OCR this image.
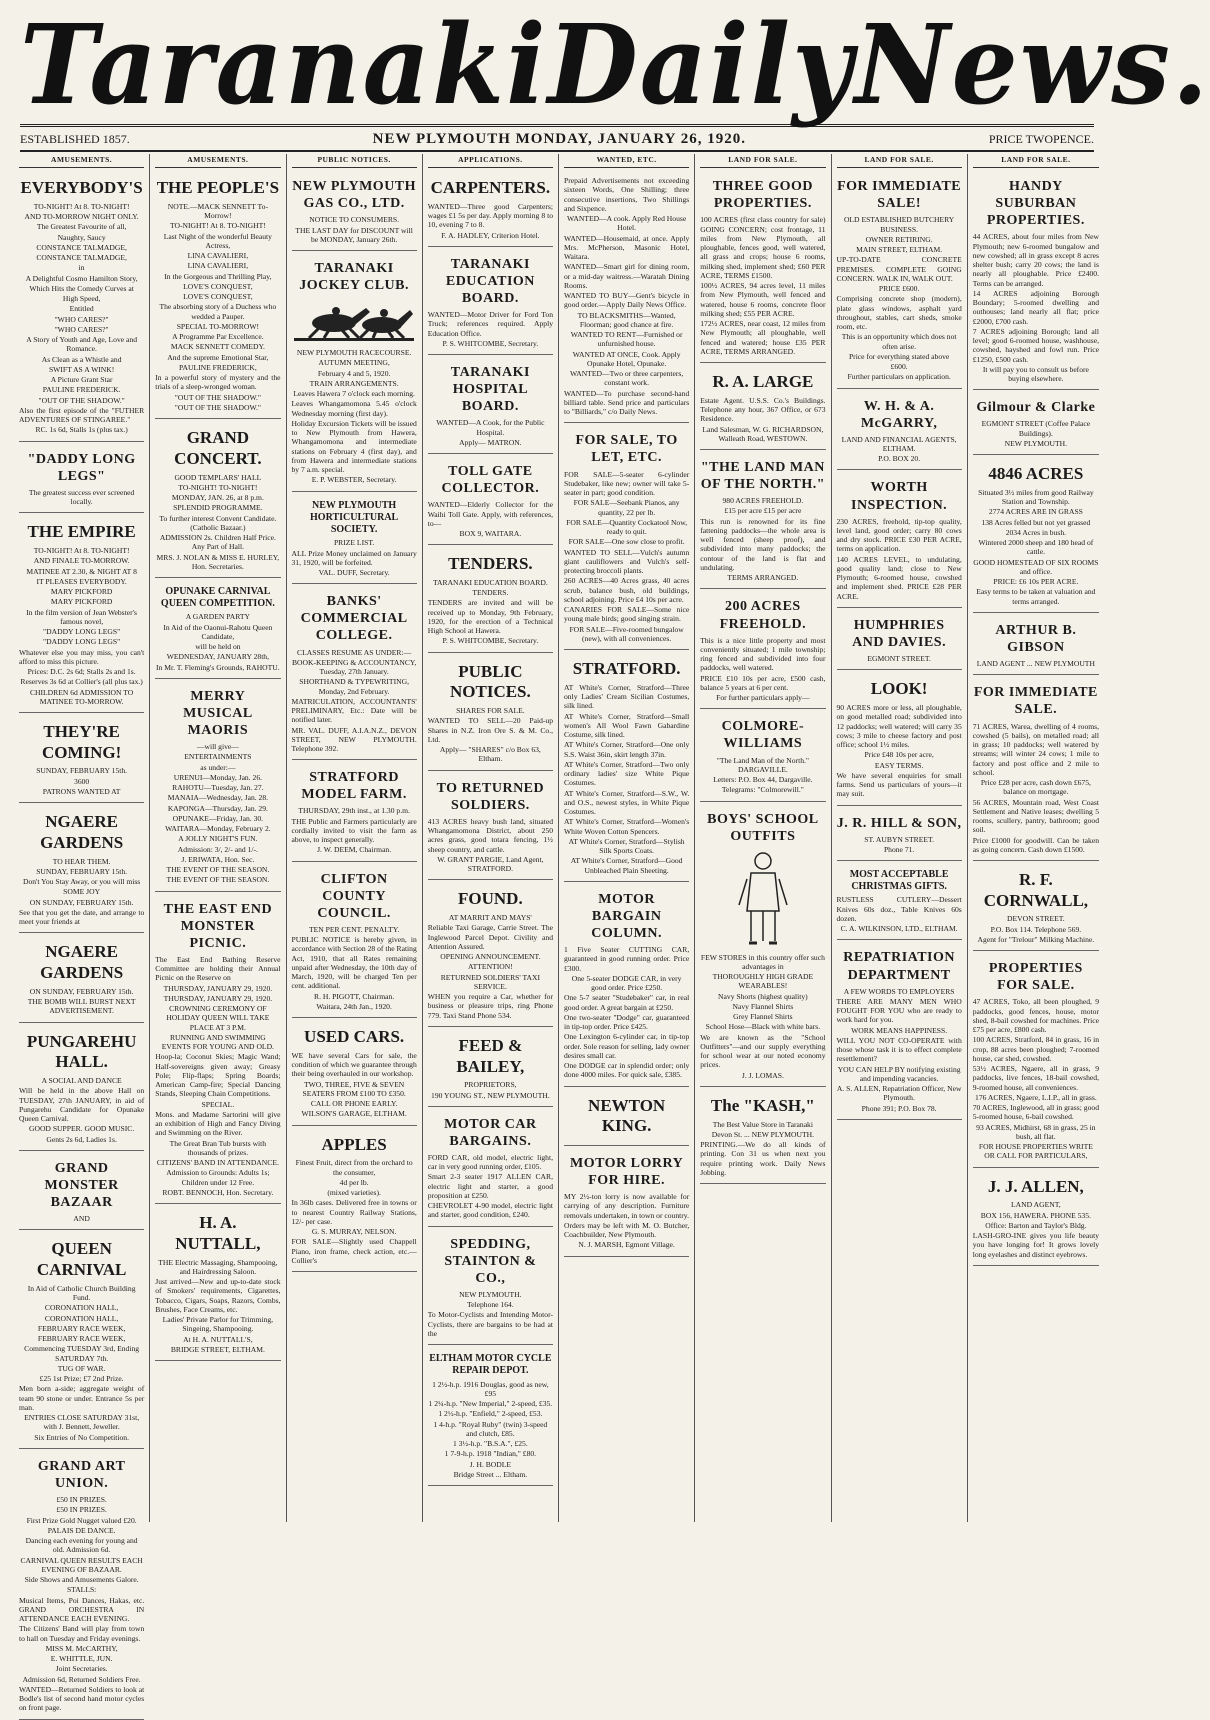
Taranaki Daily News.
ESTABLISHED 1857.	NEW PLYMOUTH MONDAY, JANUARY 26, 1920.	PRICE TWOPENCE.
AMUSEMENTS.
EVERYBODY'S

TO-NIGHT! At 8. TO-NIGHT!

AND TO-MORROW NIGHT ONLY.

The Greatest Favourite of all,

Naughty, Saucy

CONSTANCE TALMADGE,

CONSTANCE TALMADGE,

in

A Delightful Cosmo Hamilton Story,

Which Hits the Comedy Curves at

High Speed,

Entitled

"WHO CARES?"

"WHO CARES?"

A Story of Youth and Age, Love and Romance.

As Clean as a Whistle and

SWIFT AS A WINK!

A Picture Grant Star

PAULINE FREDERICK.

"OUT OF THE SHADOW."

Also the first episode of the "FUTHER ADVENTURES OF STINGAREE."

RC. 1s 6d, Stalls 1s (plus tax.)

"DADDY LONG LEGS"

The greatest success ever screened locally.

THE EMPIRE

TO-NIGHT! At 8. TO-NIGHT!

AND FINALE TO-MORROW.

MATINEE AT 2.30, & NIGHT AT 8

IT PLEASES EVERYBODY.

MARY PICKFORD

MARY PICKFORD

In the film version of Jean Webster's famous novel,

"DADDY LONG LEGS"

"DADDY LONG LEGS"

Whatever else you may miss, you can't afford to miss this picture.

Prices: D.C. 2s 6d; Stalls 2s and 1s.

Reserves 3s 6d at Collier's (all plus tax.)

CHILDREN 6d ADMISSION TO MATINEE TO-MORROW.

THEY'RE COMING!

SUNDAY, FEBRUARY 15th.

3600

PATRONS WANTED AT

NGAERE GARDENS

TO HEAR THEM.

SUNDAY, FEBRUARY 15th.

Don't You Stay Away, or you will miss

SOME JOY

ON SUNDAY, FEBRUARY 15th.

See that you get the date, and arrange to meet your friends at

NGAERE GARDENS

ON SUNDAY, FEBRUARY 15th.

THE BOMB WILL BURST NEXT ADVERTISEMENT.

PUNGAREHU HALL.

A SOCIAL AND DANCE

Will be held in the above Hall on TUESDAY, 27th JANUARY, in aid of Pungarehu Candidate for Opunake Queen Carnival.

GOOD SUPPER. GOOD MUSIC.

Gents 2s 6d, Ladies 1s.

GRAND MONSTER BAZAAR

AND

QUEEN CARNIVAL

In Aid of Catholic Church Building Fund.

CORONATION HALL,

CORONATION HALL,

FEBRUARY RACE WEEK,

FEBRUARY RACE WEEK,

Commencing TUESDAY 3rd, Ending SATURDAY 7th.

TUG OF WAR.

£25 1st Prize; £7 2nd Prize.

Men born a-side; aggregate weight of team 90 stone or under. Entrance 5s per man.

ENTRIES CLOSE SATURDAY 31st, with J. Bennett, Jeweller.

Six Entries of No Competition.

GRAND ART UNION.

£50 IN PRIZES.

£50 IN PRIZES.

First Prize Gold Nugget valued £20.

PALAIS DE DANCE.

Dancing each evening for young and old. Admission 6d.

CARNIVAL QUEEN RESULTS EACH EVENING OF BAZAAR.

Side Shows and Amusements Galore.

STALLS:

Musical Items, Poi Dances, Hakas, etc. GRAND ORCHESTRA IN ATTENDANCE EACH EVENING.

The Citizens' Band will play from town to hall on Tuesday and Friday evenings.

MISS M. McCARTHY,

E. WHITTLE, JUN.

Joint Secretaries.

Admission 6d, Returned Soldiers Free.

WANTED—Returned Soldiers to look at Bodle's list of second hand motor cycles on front page.

AMUSEMENTS.
THE PEOPLE'S

NOTE.—MACK SENNETT To-Morrow!

TO-NIGHT! At 8. TO-NIGHT!

Last Night of the wonderful Beauty Actress,

LINA CAVALIERI,

LINA CAVALIERI,

In the Gorgeous and Thrilling Play,

LOVE'S CONQUEST,

LOVE'S CONQUEST,

The absorbing story of a Duchess who wedded a Pauper.

SPECIAL TO-MORROW!

A Programme Par Excellence.

MACK SENNETT COMEDY.

And the supreme Emotional Star,

PAULINE FREDERICK,

In a powerful story of mystery and the trials of a sleep-wronged woman.

"OUT OF THE SHADOW."

"OUT OF THE SHADOW."

GRAND CONCERT.

GOOD TEMPLARS' HALL

TO-NIGHT! TO-NIGHT!

MONDAY, JAN. 26, at 8 p.m.

SPLENDID PROGRAMME.

To further interest Convent Candidate. (Catholic Bazaar.)

ADMISSION 2s. Children Half Price. Any Part of Hall.

MRS. J. NOLAN & MISS E. HURLEY, Hon. Secretaries.

OPUNAKE CARNIVAL QUEEN COMPETITION.

A GARDEN PARTY

In Aid of the Oaonui-Rahotu Queen Candidate,

will be held on

WEDNESDAY, JANUARY 28th,

In Mr. T. Fleming's Grounds, RAHOTU.

MERRY MUSICAL MAORIS

—will give—

ENTERTAINMENTS

as under:—

URENUI—Monday, Jan. 26.

RAHOTU—Tuesday, Jan. 27.

MANAIA—Wednesday, Jan. 28.

KAPONGA—Thursday, Jan. 29.

OPUNAKE—Friday, Jan. 30.

WAITARA—Monday, February 2.

A JOLLY NIGHT'S FUN.

Admission: 3/, 2/- and 1/-.

J. ERIWATA, Hon. Sec.

THE EVENT OF THE SEASON.

THE EVENT OF THE SEASON.

THE EAST END MONSTER PICNIC.

The East End Bathing Reserve Committee are holding their Annual Picnic on the Reserve on

THURSDAY, JANUARY 29, 1920.

THURSDAY, JANUARY 29, 1920.

CROWNING CEREMONY OF HOLIDAY QUEEN WILL TAKE PLACE AT 3 P.M.

RUNNING AND SWIMMING EVENTS FOR YOUNG AND OLD.

Hoop-la; Coconut Skies; Magic Wand; Half-sovereigns given away; Greasy Pole; Flip-flaps; Spring Boards; American Camp-fire; Special Dancing Stands, Sleeping Chain Competitions.

SPECIAL.

Mons. and Madame Sartorini will give an exhibition of High and Fancy Diving and Swimming on the River.

The Great Bran Tub bursts with thousands of prizes.

CITIZENS' BAND IN ATTENDANCE.

Admission to Grounds: Adults 1s; Children under 12 Free.

ROBT. BENNOCH, Hon. Secretary.

H. A. NUTTALL,

THE Electric Massaging, Shampooing, and Hairdressing Saloon.

Just arrived—New and up-to-date stock of Smokers' requirements, Cigarettes, Tobacco, Cigars, Soaps, Razors, Combs, Brushes, Face Creams, etc.

Ladies' Private Parlor for Trimming, Singeing, Shampooing.

At H. A. NUTTALL'S,

BRIDGE STREET, ELTHAM.

PUBLIC NOTICES.
NEW PLYMOUTH GAS CO., LTD.

NOTICE TO CONSUMERS.

THE LAST DAY for DISCOUNT will be MONDAY, January 26th.

TARANAKI JOCKEY CLUB.

NEW PLYMOUTH RACECOURSE.

AUTUMN MEETING,

February 4 and 5, 1920.

TRAIN ARRANGEMENTS.

Leaves Hawera 7 o'clock each morning.

Leaves Whangamomona 5.45 o'clock Wednesday morning (first day).

Holiday Excursion Tickets will be issued to New Plymouth from Hawera, Whangamomona and intermediate stations on February 4 (first day), and from Hawera and intermediate stations by 7 a.m. special.

E. P. WEBSTER, Secretary.

NEW PLYMOUTH HORTICULTURAL SOCIETY.

PRIZE LIST.

ALL Prize Money unclaimed on January 31, 1920, will be forfeited.

VAL. DUFF, Secretary.

BANKS' COMMERCIAL COLLEGE.

CLASSES RESUME AS UNDER:—

BOOK-KEEPING & ACCOUNTANCY, Tuesday, 27th January.

SHORTHAND & TYPEWRITING, Monday, 2nd February.

MATRICULATION, ACCOUNTANTS' PRELIMINARY, Etc.: Date will be notified later.

MR. VAL. DUFF, A.I.A.N.Z., DEVON STREET, NEW PLYMOUTH. Telephone 392.

STRATFORD MODEL FARM.

THURSDAY, 29th inst., at 1.30 p.m.

THE Public and Farmers particularly are cordially invited to visit the farm as above, to inspect generally.

J. W. DEEM, Chairman.

CLIFTON COUNTY COUNCIL.

TEN PER CENT. PENALTY.

PUBLIC NOTICE is hereby given, in accordance with Section 28 of the Rating Act, 1910, that all Rates remaining unpaid after Wednesday, the 10th day of March, 1920, will be charged Ten per cent. additional.

R. H. PIGOTT, Chairman.

Waitara, 24th Jan., 1920.

USED CARS.

WE have several Cars for sale, the condition of which we guarantee through their being overhauled in our workshop.

TWO, THREE, FIVE & SEVEN SEATERS FROM £100 TO £350.

CALL OR PHONE EARLY.

WILSON'S GARAGE, ELTHAM.

APPLES

Finest Fruit, direct from the orchard to the consumer,

4d per lb.

(mixed varieties).

In 36lb cases. Delivered free in towns or to nearest Country Railway Stations, 12/- per case.

G. S. MURRAY, NELSON.

FOR SALE—Slightly used Chappell Piano, iron frame, check action, etc.—Collier's

APPLICATIONS.
CARPENTERS.

WANTED—Three good Carpenters; wages £1 5s per day. Apply morning 8 to 10, evening 7 to 8.

F. A. HADLEY, Criterion Hotel.

TARANAKI EDUCATION BOARD.

WANTED—Motor Driver for Ford Ton Truck; references required. Apply Education Office.

P. S. WHITCOMBE, Secretary.

TARANAKI HOSPITAL BOARD.

WANTED—A Cook, for the Public Hospital.

Apply— MATRON.

TOLL GATE COLLECTOR.

WANTED—Elderly Collector for the Waihi Toll Gate. Apply, with references, to—

BOX 9, WAITARA.

TENDERS.

TARANAKI EDUCATION BOARD.

TENDERS.

TENDERS are invited and will be received up to Monday, 9th February, 1920, for the erection of a Technical High School at Hawera.

P. S. WHITCOMBE, Secretary.

PUBLIC NOTICES.

SHARES FOR SALE.

WANTED TO SELL—20 Paid-up Shares in N.Z. Iron Ore S. & M. Co., Ltd.

Apply— "SHARES" c/o Box 63, Eltham.

TO RETURNED SOLDIERS.

413 ACRES heavy bush land, situated Whangamomona District, about 250 acres grass, good totara fencing, 1½ sheep country, and cattle.

W. GRANT PARGIE, Land Agent, STRATFORD.

FOUND.

AT MARRIT AND MAYS'

Reliable Taxi Garage, Carrie Street. The Inglewood Parcel Depot. Civility and Attention Assured.

OPENING ANNOUNCEMENT.

ATTENTION!

RETURNED SOLDIERS' TAXI SERVICE.

WHEN you require a Car, whether for business or pleasure trips, ring Phone 779. Taxi Stand Phone 534.

FEED & BAILEY,

PROPRIETORS,

190 YOUNG ST., NEW PLYMOUTH.

MOTOR CAR BARGAINS.

FORD CAR, old model, electric light, car in very good running order, £105.

Smart 2-3 seater 1917 ALLEN CAR, electric light and starter, a good proposition at £250.

CHEVROLET 4-90 model, electric light and starter, good condition, £240.

SPEDDING, STAINTON & CO.,

NEW PLYMOUTH.

Telephone 164.

To Motor-Cyclists and Intending Motor-Cyclists, there are bargains to be had at the

ELTHAM MOTOR CYCLE REPAIR DEPOT.

1 2½-h.p. 1916 Douglas, good as new, £95

1 2¼-h.p. "New Imperial," 2-speed, £35.

1 2½-h.p. "Enfield," 2-speed, £53.

1 4-h.p. "Royal Ruby" (twin) 3-speed and clutch, £85.

1 3½-h.p. "B.S.A.", £25.

1 7-9-h.p. 1918 "Indian," £80.

J. H. BODLE

Bridge Street ... Eltham.

WANTED, ETC.

Prepaid Advertisements not exceeding sixteen Words, One Shilling; three consecutive insertions, Two Shillings and Sixpence.

WANTED—A cook. Apply Red House Hotel.

WANTED—Housemaid, at once. Apply Mrs. McPherson, Masonic Hotel, Waitara.

WANTED—Smart girl for dining room, or a mid-day waitress.—Waratah Dining Rooms.

WANTED TO BUY—Gent's bicycle in good order.—Apply Daily News Office.

TO BLACKSMITHS—Wanted, Floorman; good chance at fire.

WANTED TO RENT—Furnished or unfurnished house.

WANTED AT ONCE, Cook. Apply Opunake Hotel, Opunake.

WANTED—Two or three carpenters, constant work.

WANTED—To purchase second-hand billiard table. Send price and particulars to "Billiards," c/o Daily News.

FOR SALE, TO LET, ETC.

FOR SALE—5-seater 6-cylinder Studebaker, like new; owner will take 5-seater in part; good condition.

FOR SALE—Seebank Pianos, any quantity, 22 per lb.

FOR SALE—Quantity Cockatool Now, ready to quit.

FOR SALE—One sow close to profit.

WANTED TO SELL—Vulch's autumn giant cauliflowers and Vulch's self-protecting broccoli plants.

260 ACRES—40 Acres grass, 40 acres scrub, balance bush, old buildings, school adjoining. Price £4 10s per acre.

CANARIES FOR SALE—Some nice young male birds; good singing strain.

FOR SALE—Five-roomed bungalow (new), with all conveniences.

STRATFORD.

AT White's Corner, Stratford—Three only Ladies' Cream Sicilian Costumes, silk lined.

AT White's Corner, Stratford—Small women's All Wool Fawn Gabardine Costume, silk lined.

AT White's Corner, Stratford—One only S.S. Waist 36in, skirt length 37in.

AT White's Corner, Stratford—Two only ordinary ladies' size White Pique Costumes.

AT White's Corner, Stratford—S.W., W. and O.S., newest styles, in White Pique Costumes.

AT White's Corner, Stratford—Women's White Woven Cotton Spencers.

AT White's Corner, Stratford—Stylish Silk Sports Coats.

AT White's Corner, Stratford—Good Unbleached Plain Sheeting.

MOTOR BARGAIN COLUMN.

1 Five Seater CUTTING CAR, guaranteed in good running order. Price £300.

One 5-seater DODGE CAR, in very good order. Price £250.

One 5-7 seater "Studebaker" car, in real good order. A great bargain at £250.

One two-seater "Dodge" car, guaranteed in tip-top order. Price £425.

One Lexington 6-cylinder car, in tip-top order. Sole reason for selling, lady owner desires small car.

One DODGE car in splendid order; only done 4000 miles. For quick sale, £385.

NEWTON KING.
MOTOR LORRY FOR HIRE.

MY 2½-ton lorry is now available for carrying of any description. Furniture removals undertaken, in town or country.

Orders may be left with M. O. Butcher, Coachbuilder, New Plymouth.

N. J. MARSH, Egmont Village.

LAND FOR SALE.
THREE GOOD PROPERTIES.

100 ACRES (first class country for sale) GOING CONCERN; cost frontage, 11 miles from New Plymouth, all ploughable, fences good, well watered, all grass and crops; house 6 rooms, milking shed, implement shed; £60 PER ACRE, TERMS £1500.

100½ ACRES, 94 acres level, 11 miles from New Plymouth, well fenced and watered, house 6 rooms, concrete floor milking shed; £55 PER ACRE.

172½ ACRES, near coast, 12 miles from New Plymouth; all ploughable, well fenced and watered; house £35 PER ACRE, TERMS ARRANGED.

R. A. LARGE

Estate Agent. U.S.S. Co.'s Buildings. Telephone any hour, 367 Office, or 673 Residence.

Land Salesman, W. G. RICHARDSON, Walleath Road, WESTOWN.

"THE LAND MAN OF THE NORTH."

980 ACRES FREEHOLD.

£15 per acre £15 per acre

This run is renowned for its fine fattening paddocks—the whole area is well fenced (sheep proof), and subdivided into many paddocks; the contour of the land is flat and undulating.

TERMS ARRANGED.

200 ACRES FREEHOLD.

This is a nice little property and most conveniently situated; 1 mile township; ring fenced and subdivided into four paddocks, well watered.

PRICE £10 10s per acre, £500 cash, balance 5 years at 6 per cent.

For further particulars apply—

COLMORE-WILLIAMS

"The Land Man of the North." DARGAVILLE.

Letters: P.O. Box 44, Dargaville.

Telegrams: "Colmorewill."

BOYS' SCHOOL OUTFITS

FEW STORES in this country offer such advantages in

THOROUGHLY HIGH GRADE WEARABLES!

Navy Shorts (highest quality)

Navy Flannel Shirts

Grey Flannel Shirts

School Hose—Black with white bars.

We are known as the "School Outfitters"—and our supply everything for school wear at our noted economy prices.

J. J. LOMAS.

The "KASH,"

The Best Value Store in Taranaki

Devon St. ... NEW PLYMOUTH.

PRINTING.—We do all kinds of printing. Con 31 us when next you require printing work. Daily News Jobbing.

LAND FOR SALE.
FOR IMMEDIATE SALE!

OLD ESTABLISHED BUTCHERY BUSINESS.

OWNER RETIRING.

MAIN STREET, ELTHAM.

UP-TO-DATE CONCRETE PREMISES. COMPLETE GOING CONCERN. WALK IN, WALK OUT.

PRICE £600.

Comprising concrete shop (modern), plate glass windows, asphalt yard throughout, stables, cart sheds, smoke room, etc.

This is an opportunity which does not often arise.

Price for everything stated above

£600.

Further particulars on application.

W. H. & A. McGARRY,

LAND AND FINANCIAL AGENTS, ELTHAM.

P.O. BOX 20.

WORTH INSPECTION.

230 ACRES, freehold, tip-top quality, level land, good order; carry 80 cows and dry stock. PRICE £30 PER ACRE, terms on application.

140 ACRES LEVEL, to undulating, good quality land; close to New Plymouth; 6-roomed house, cowshed and implement shed. PRICE £28 PER ACRE.

HUMPHRIES AND DAVIES.

EGMONT STREET.

LOOK!

90 ACRES more or less, all ploughable, on good metalled road; subdivided into 12 paddocks; well watered; will carry 35 cows; 3 mile to cheese factory and post office; school 1½ miles.

Price £48 10s per acre,

EASY TERMS.

We have several enquiries for small farms. Send us particulars of yours—it may suit.

J. R. HILL & SON,

ST. AUBYN STREET.

Phone 71.

MOST ACCEPTABLE CHRISTMAS GIFTS.

RUSTLESS CUTLERY—Dessert Knives 60s doz., Table Knives 60s dozen.

C. A. WILKINSON, LTD., ELTHAM.

REPATRIATION DEPARTMENT

A FEW WORDS TO EMPLOYERS

THERE ARE MANY MEN WHO FOUGHT FOR YOU who are ready to work hard for you.

WORK MEANS HAPPINESS.

WILL YOU NOT CO-OPERATE with those whose task it is to effect complete resettlement?

YOU CAN HELP BY notifying existing and impending vacancies.

A. S. ALLEN, Repatriation Officer, New Plymouth.

Phone 391; P.O. Box 78.

LAND FOR SALE.
HANDY SUBURBAN PROPERTIES.

44 ACRES, about four miles from New Plymouth; new 6-roomed bungalow and new cowshed; all in grass except 8 acres shelter bush; carry 20 cows; the land is nearly all ploughable. Price £2400. Terms can be arranged.

14 ACRES adjoining Borough Boundary; 5-roomed dwelling and outhouses; land nearly all flat; price £2000, £700 cash.

7 ACRES adjoining Borough; land all level; good 6-roomed house, washhouse, cowshed, hayshed and fowl run. Price £1250, £500 cash.

It will pay you to consult us before buying elsewhere.

Gilmour & Clarke

EGMONT STREET (Coffee Palace Buildings).

NEW PLYMOUTH.

4846 ACRES

Situated 3½ miles from good Railway Station and Township.

2774 ACRES ARE IN GRASS

138 Acres felled but not yet grassed

2034 Acres in bush.

Wintered 2000 sheep and 180 head of cattle.

GOOD HOMESTEAD OF SIX ROOMS and office.

PRICE: £6 10s PER ACRE.

Easy terms to be taken at valuation and terms arranged.

ARTHUR B. GIBSON

LAND AGENT ... NEW PLYMOUTH

FOR IMMEDIATE SALE.

71 ACRES, Warea, dwelling of 4 rooms, cowshed (5 bails), on metalled road; all in grass; 10 paddocks; well watered by streams; will winter 24 cows; 1 mile to factory and post office and 2 mile to school.

Price £28 per acre, cash down £675, balance on mortgage.

56 ACRES, Mountain road, West Coast Settlement and Native leases; dwelling 5 rooms, scullery, pantry, bathroom; good soil.

Price £1000 for goodwill. Can be taken as going concern. Cash down £1500.

R. F. CORNWALL,

DEVON STREET.

P.O. Box 114. Telephone 569.

Agent for "Trelour" Milking Machine.

PROPERTIES FOR SALE.

47 ACRES, Toko, all been ploughed, 9 paddocks, good fences, house, motor shed, 8-bail cowshed for machines. Price £75 per acre, £800 cash.

100 ACRES, Stratford, 84 in grass, 16 in crop, 88 acres been ploughed; 7-roomed house, car shed, cowshed.

53½ ACRES, Ngaere, all in grass, 9 paddocks, live fences, 18-bail cowshed, 9-roomed house, all conveniences.

176 ACRES, Ngaere, L.I.P., all in grass.

70 ACRES, Inglewood, all in grass; good 5-roomed house, 6-bail cowshed.

93 ACRES, Midhirst, 68 in grass, 25 in bush, all flat.

FOR HOUSE PROPERTIES WRITE OR CALL FOR PARTICULARS,

J. J. ALLEN,

LAND AGENT,

BOX 156, HAWERA. PHONE 535.

Office: Barton and Taylor's Bldg.

LASH-GRO-INE gives you life beauty you have longing for! It grows lovely long eyelashes and distinct eyebrows.
